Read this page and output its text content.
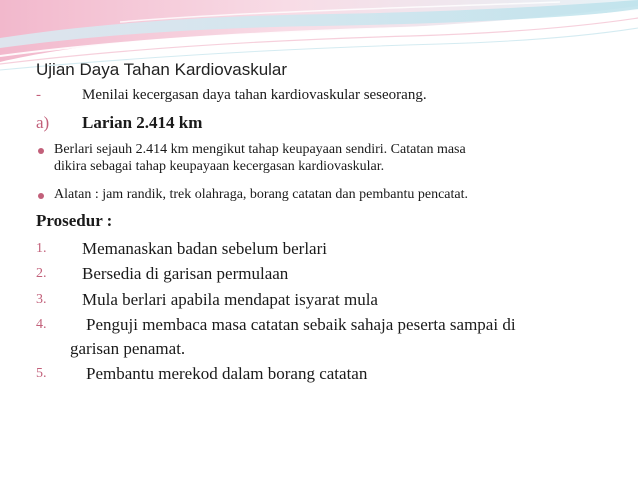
Ujian Daya Tahan Kardiovaskular
-	Menilai kecergasan daya tahan kardiovaskular seseorang.
a) Larian 2.414 km
Berlari sejauh 2.414 km mengikut tahap keupayaan sendiri. Catatan masa
dikira sebagai tahap keupayaan kecergasan kardiovaskular.
Alatan : jam randik, trek olahraga, borang catatan dan pembantu pencatat.
Prosedur :
1. Memanaskan badan sebelum berlari
2. Bersedia di garisan permulaan
3. Mula berlari apabila mendapat isyarat mula
4. Penguji membaca masa catatan sebaik sahaja peserta sampai di
garisan penamat.
5. Pembantu merekod dalam borang catatan
